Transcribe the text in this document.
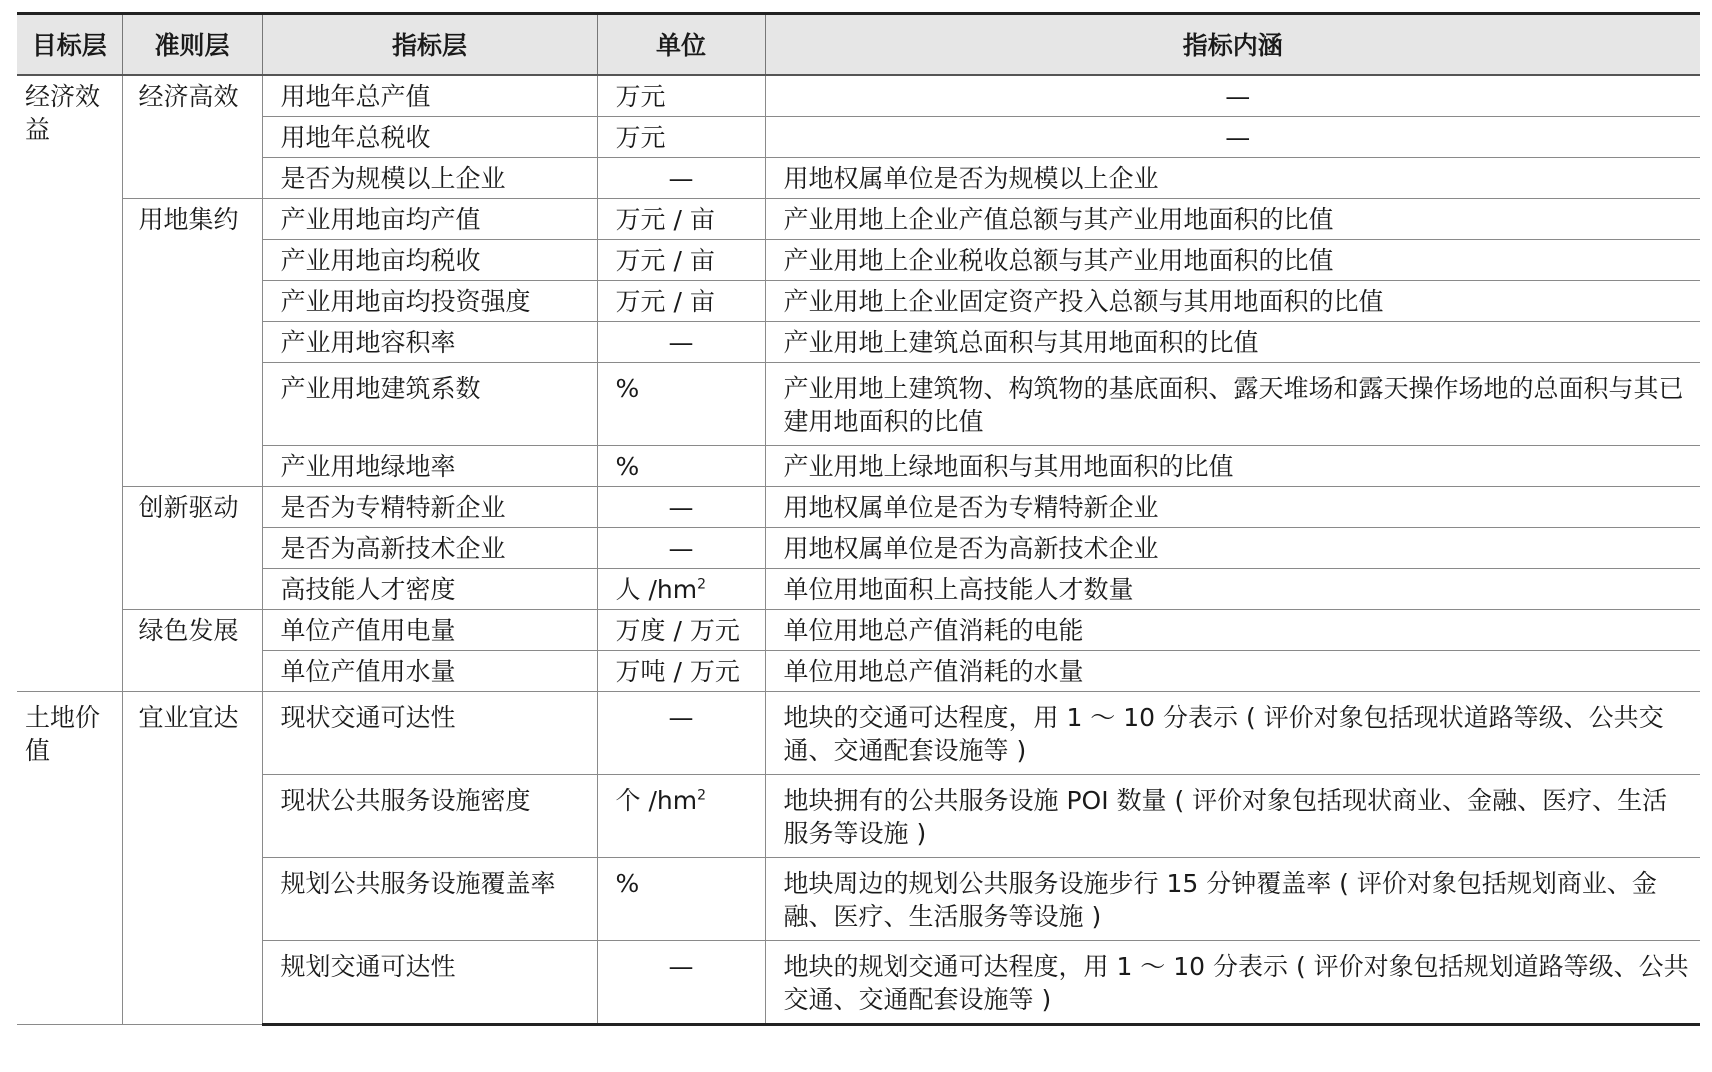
目标层	准则层	指标层	单位	指标内涵
经济效益	经济高效	用地年总产值	万元	—
		用地年总税收	万元	—
		是否为规模以上企业	—	用地权属单位是否为规模以上企业
	用地集约	产业用地亩均产值	万元 / 亩	产业用地上企业产值总额与其产业用地面积的比值
		产业用地亩均税收	万元 / 亩	产业用地上企业税收总额与其产业用地面积的比值
		产业用地亩均投资强度	万元 / 亩	产业用地上企业固定资产投入总额与其用地面积的比值
		产业用地容积率	—	产业用地上建筑总面积与其用地面积的比值
		产业用地建筑系数	%	产业用地上建筑物、构筑物的基底面积、露天堆场和露天操作场地的总面积与其已建用地面积的比值
		产业用地绿地率	%	产业用地上绿地面积与其用地面积的比值
	创新驱动	是否为专精特新企业	—	用地权属单位是否为专精特新企业
		是否为高新技术企业	—	用地权属单位是否为高新技术企业
		高技能人才密度	人 $/hm^2$	单位用地面积上高技能人才数量
	绿色发展	单位产值用电量	万度 / 万元	单位用地总产值消耗的电能
		单位产值用水量	万吨 / 万元	单位用地总产值消耗的水量
土地价值	宜业宜达	现状交通可达性	—	地块的交通可达程度，用 1 ～ 10 分表示 ( 评价对象包括现状道路等级、公共交通、交通配套设施等 )
		现状公共服务设施密度	个 $/hm^2$	地块拥有的公共服务设施 POI 数量 ( 评价对象包括现状商业、金融、医疗、生活服务等设施 )
		规划公共服务设施覆盖率	%	地块周边的规划公共服务设施步行 15 分钟覆盖率 ( 评价对象包括规划商业、金融、医疗、生活服务等设施 )
		规划交通可达性	—	地块的规划交通可达程度，用 1 ～ 10 分表示 ( 评价对象包括规划道路等级、公共交通、交通配套设施等 )
